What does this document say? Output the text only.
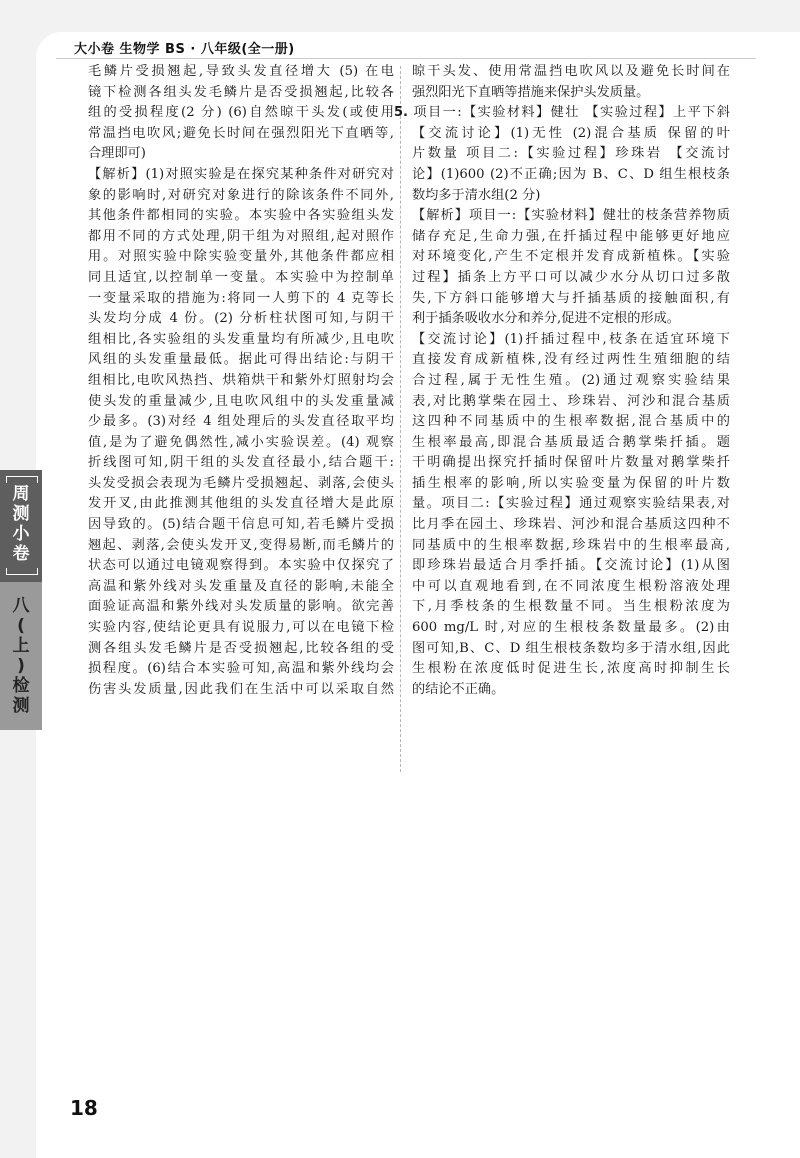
大小卷 生物学 BS · 八年级(全一册)
周测小卷
八(上)检测
毛鳞片受损翘起,导致头发直径增大 (5) 在电
镜下检测各组头发毛鳞片是否受损翘起,比较各
组的受损程度(2 分) (6)自然晾干头发(或使用
常温挡电吹风;避免长时间在强烈阳光下直晒等,
合理即可)
【解析】(1)对照实验是在探究某种条件对研究对
象的影响时,对研究对象进行的除该条件不同外,
其他条件都相同的实验。本实验中各实验组头发
都用不同的方式处理,阴干组为对照组,起对照作
用。对照实验中除实验变量外,其他条件都应相
同且适宜,以控制单一变量。本实验中为控制单
一变量采取的措施为:将同一人剪下的 4 克等长
头发均分成 4 份。(2) 分析柱状图可知,与阴干
组相比,各实验组的头发重量均有所减少,且电吹
风组的头发重量最低。据此可得出结论:与阴干
组相比,电吹风热挡、烘箱烘干和紫外灯照射均会
使头发的重量减少,且电吹风组中的头发重量减
少最多。(3)对经 4 组处理后的头发直径取平均
值,是为了避免偶然性,减小实验误差。(4) 观察
折线图可知,阴干组的头发直径最小,结合题干:
头发受损会表现为毛鳞片受损翘起、剥落,会使头
发开叉,由此推测其他组的头发直径增大是此原
因导致的。(5)结合题干信息可知,若毛鳞片受损
翘起、剥落,会使头发开叉,变得易断,而毛鳞片的
状态可以通过电镜观察得到。本实验中仅探究了
高温和紫外线对头发重量及直径的影响,未能全
面验证高温和紫外线对头发质量的影响。欲完善
实验内容,使结论更具有说服力,可以在电镜下检
测各组头发毛鳞片是否受损翘起,比较各组的受
损程度。(6)结合本实验可知,高温和紫外线均会
伤害头发质量,因此我们在生活中可以采取自然
晾干头发、使用常温挡电吹风以及避免长时间在
强烈阳光下直晒等措施来保护头发质量。
5. 项目一:【实验材料】健壮 【实验过程】上平下斜
【交流讨论】(1)无性 (2)混合基质 保留的叶
片数量 项目二:【实验过程】珍珠岩 【交流讨
论】(1)600 (2)不正确;因为 B、C、D 组生根枝条
数均多于清水组(2 分)
【解析】项目一:【实验材料】健壮的枝条营养物质
储存充足,生命力强,在扦插过程中能够更好地应
对环境变化,产生不定根并发育成新植株。【实验
过程】插条上方平口可以减少水分从切口过多散
失,下方斜口能够增大与扦插基质的接触面积,有
利于插条吸收水分和养分,促进不定根的形成。
【交流讨论】(1)扦插过程中,枝条在适宜环境下
直接发育成新植株,没有经过两性生殖细胞的结
合过程,属于无性生殖。(2)通过观察实验结果
表,对比鹅掌柴在园土、珍珠岩、河沙和混合基质
这四种不同基质中的生根率数据,混合基质中的
生根率最高,即混合基质最适合鹅掌柴扦插。题
干明确提出探究扦插时保留叶片数量对鹅掌柴扦
插生根率的影响,所以实验变量为保留的叶片数
量。项目二:【实验过程】通过观察实验结果表,对
比月季在园土、珍珠岩、河沙和混合基质这四种不
同基质中的生根率数据,珍珠岩中的生根率最高,
即珍珠岩最适合月季扦插。【交流讨论】(1)从图
中可以直观地看到,在不同浓度生根粉溶液处理
下,月季枝条的生根数量不同。当生根粉浓度为
600 mg/L 时,对应的生根枝条数量最多。(2)由
图可知,B、C、D 组生根枝条数均多于清水组,因此
生根粉在浓度低时促进生长,浓度高时抑制生长
的结论不正确。
18
